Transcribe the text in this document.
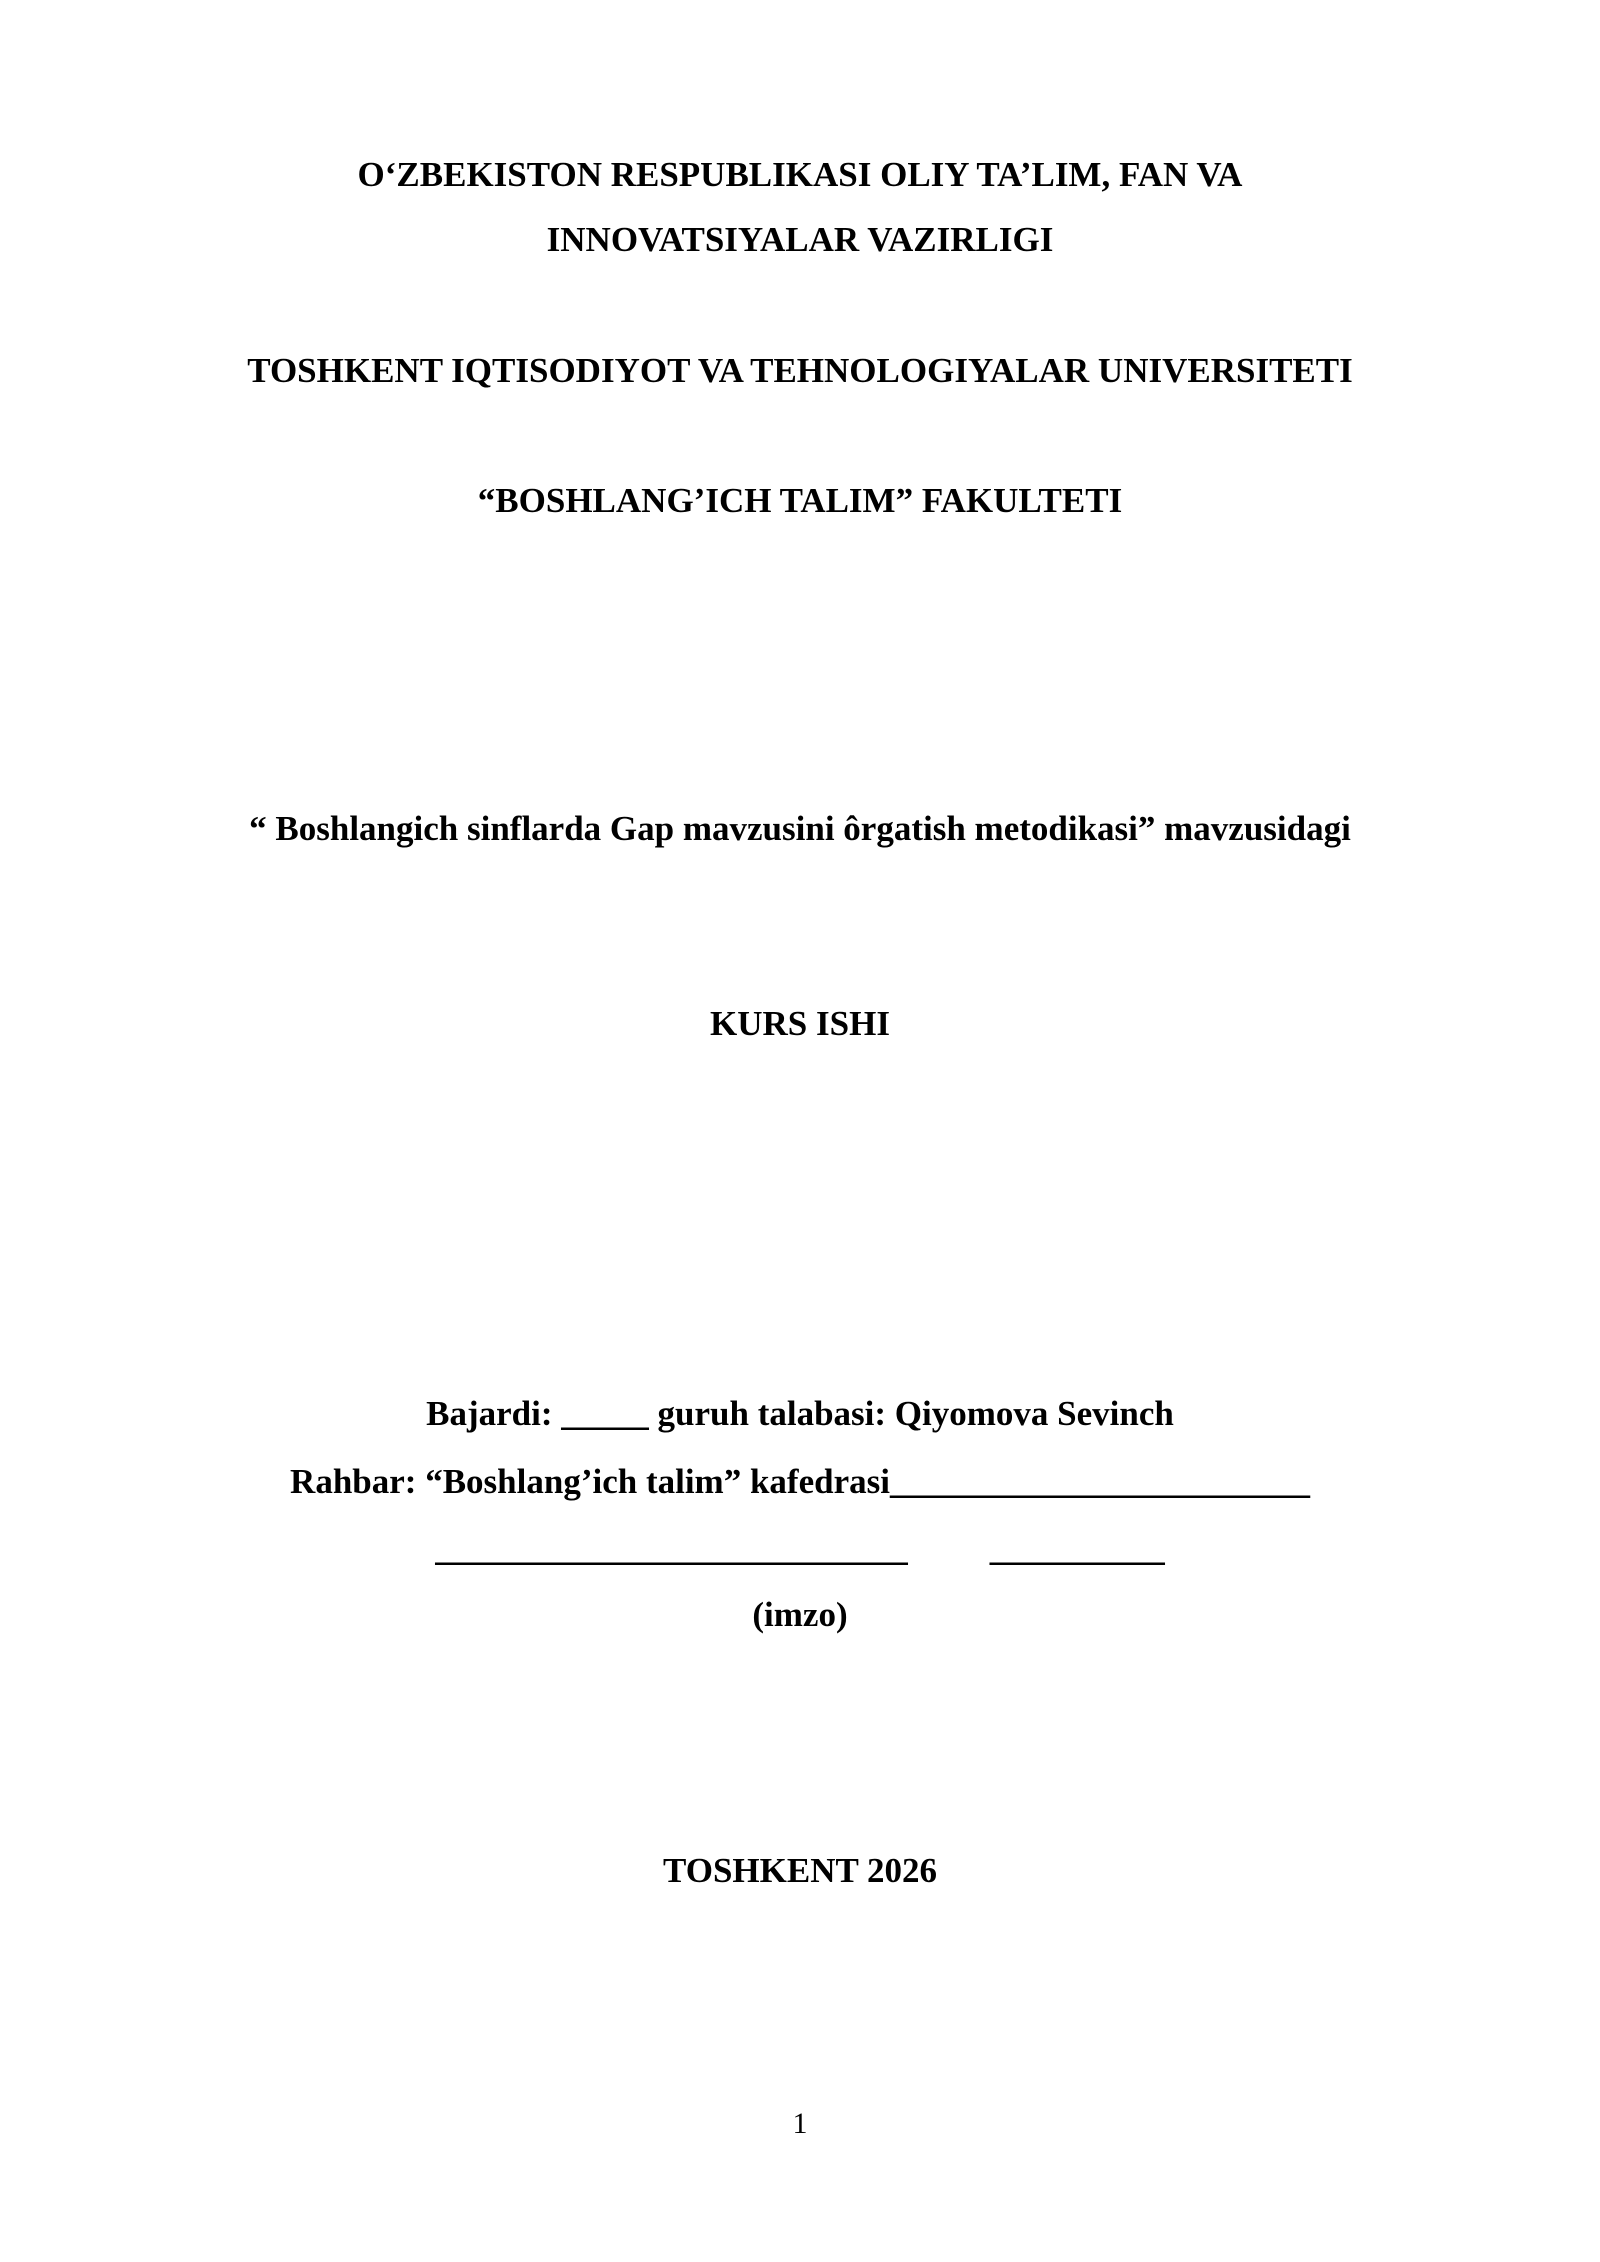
O‘ZBEKISTON RESPUBLIKASI OLIY TA’LIM, FAN VA
INNOVATSIYALAR VAZIRLIGI
TOSHKENT IQTISODIYOT VA TEHNOLOGIYALAR UNIVERSITETI
“BOSHLANG’ICH TALIM” FAKULTETI
“ Boshlangich sinflarda Gap mavzusini ôrgatish metodikasi” mavzusidagi
KURS ISHI
Bajardi: _____ guruh talabasi: Qiyomova Sevinch
Rahbar: “Boshlang’ich talim” kafedrasi________________________
___________________________ __________
(imzo)
TOSHKENT 2026
1
